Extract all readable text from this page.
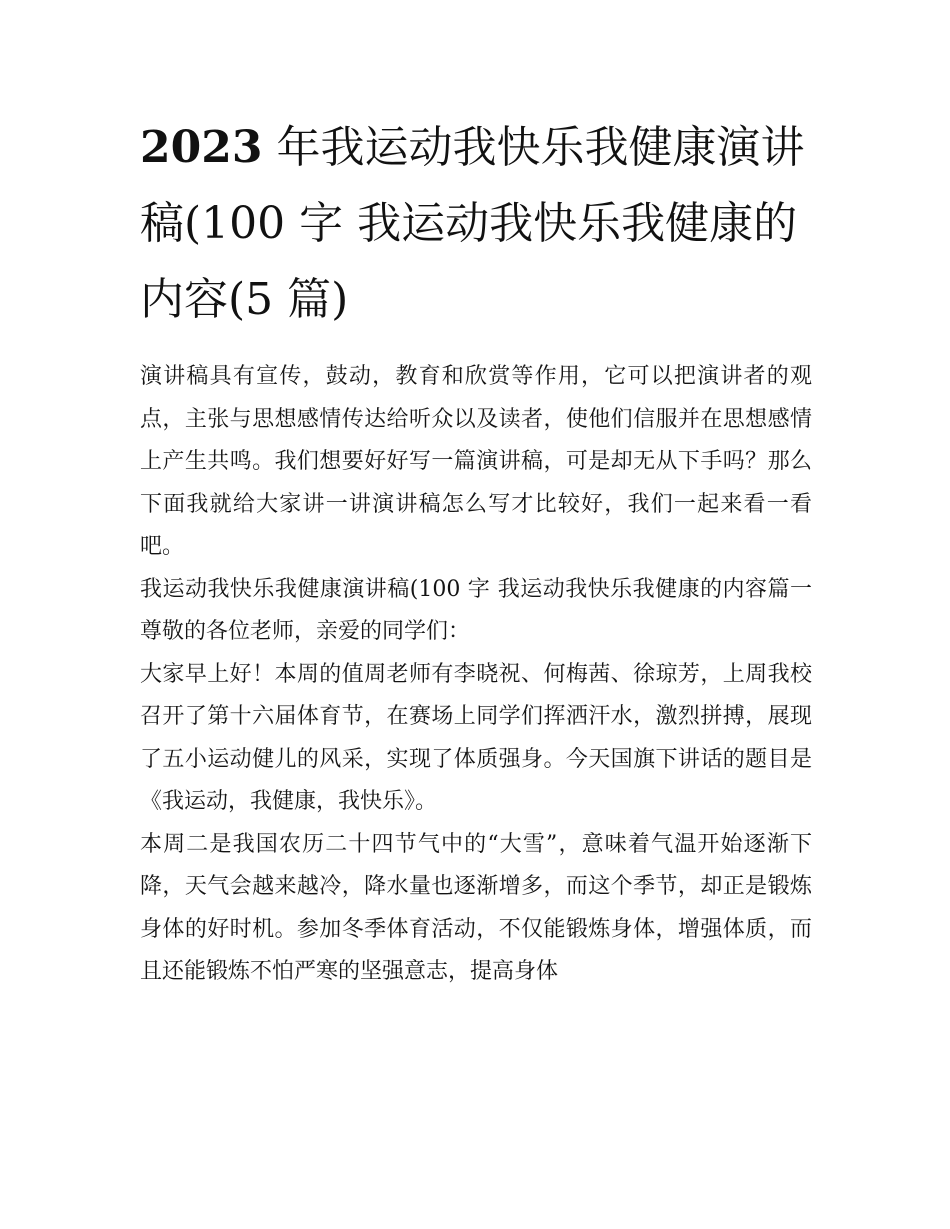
2023 年我运动我快乐我健康演讲稿(100 字 我运动我快乐我健康的内容(5 篇)

演讲稿具有宣传，鼓动，教育和欣赏等作用，它可以把演讲者的观点，主张与思想感情传达给听众以及读者，使他们信服并在思想感情上产生共鸣。我们想要好好写一篇演讲稿，可是却无从下手吗？那么下面我就给大家讲一讲演讲稿怎么写才比较好，我们一起来看一看吧。

我运动我快乐我健康演讲稿(100 字 我运动我快乐我健康的内容篇一 尊敬的各位老师，亲爱的同学们：

大家早上好！本周的值周老师有李晓祝、何梅茜、徐琼芳，上周我校召开了第十六届体育节，在赛场上同学们挥洒汗水，激烈拼搏，展现了五小运动健儿的风采，实现了体质强身。今天国旗下讲话的题目是《我运动，我健康，我快乐》。

本周二是我国农历二十四节气中的“大雪”，意味着气温开始逐渐下降，天气会越来越冷，降水量也逐渐增多，而这个季节，却正是锻炼身体的好时机。参加冬季体育活动，不仅能锻炼身体，增强体质，而且还能锻炼不怕严寒的坚强意志，提高身体
